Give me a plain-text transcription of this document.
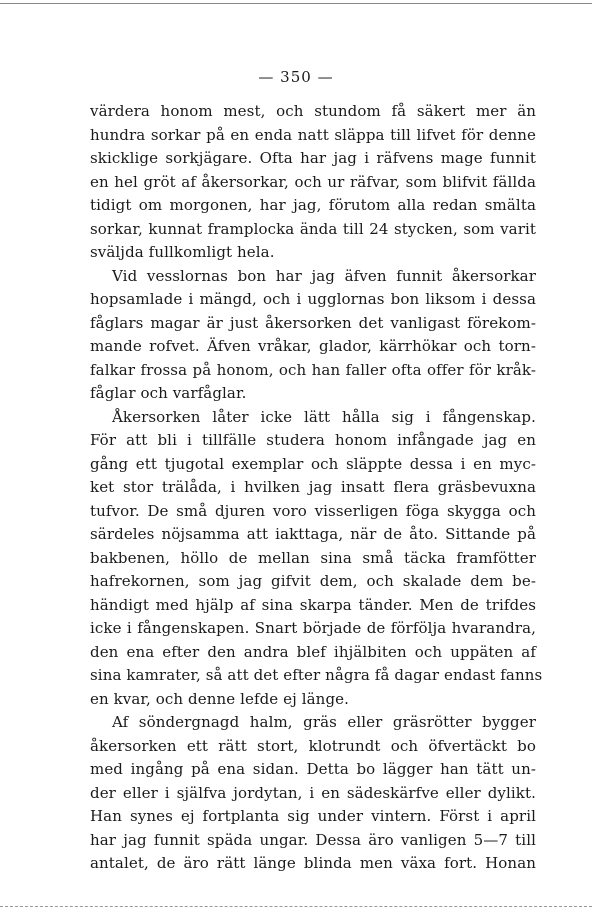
— 350 —
värdera honom mest, och stundom få säkert mer än
hundra sorkar på en enda natt släppa till lifvet för denne
skicklige sorkjägare. Ofta har jag i räfvens mage funnit
en hel gröt af åkersorkar, och ur räfvar, som blifvit fällda
tidigt om morgonen, har jag, förutom alla redan smälta
sorkar, kunnat framplocka ända till 24 stycken, som varit
sväljda fullkomligt hela.
Vid vesslornas bon har jag äfven funnit åkersorkar
hopsamlade i mängd, och i ugglornas bon liksom i dessa
fåglars magar är just åkersorken det vanligast förekom-
mande rofvet. Äfven vråkar, glador, kärrhökar och torn-
falkar frossa på honom, och han faller ofta offer för kråk-
fåglar och varfåglar.
Åkersorken låter icke lätt hålla sig i fångenskap.
För att bli i tillfälle studera honom infångade jag en
gång ett tjugotal exemplar och släppte dessa i en myc-
ket stor trälåda, i hvilken jag insatt flera gräsbevuxna
tufvor. De små djuren voro visserligen föga skygga och
särdeles nöjsamma att iakttaga, när de åto. Sittande på
bakbenen, höllo de mellan sina små täcka framfötter
hafrekornen, som jag gifvit dem, och skalade dem be-
händigt med hjälp af sina skarpa tänder. Men de trifdes
icke i fångenskapen. Snart började de förfölja hvarandra,
den ena efter den andra blef ihjälbiten och uppäten af
sina kamrater, så att det efter några få dagar endast fanns
en kvar, och denne lefde ej länge.
Af söndergnagd halm, gräs eller gräsrötter bygger
åkersorken ett rätt stort, klotrundt och öfvertäckt bo
med ingång på ena sidan. Detta bo lägger han tätt un-
der eller i själfva jordytan, i en sädeskärfve eller dylikt.
Han synes ej fortplanta sig under vintern. Först i april
har jag funnit späda ungar. Dessa äro vanligen 5—7 till
antalet, de äro rätt länge blinda men växa fort. Honan
